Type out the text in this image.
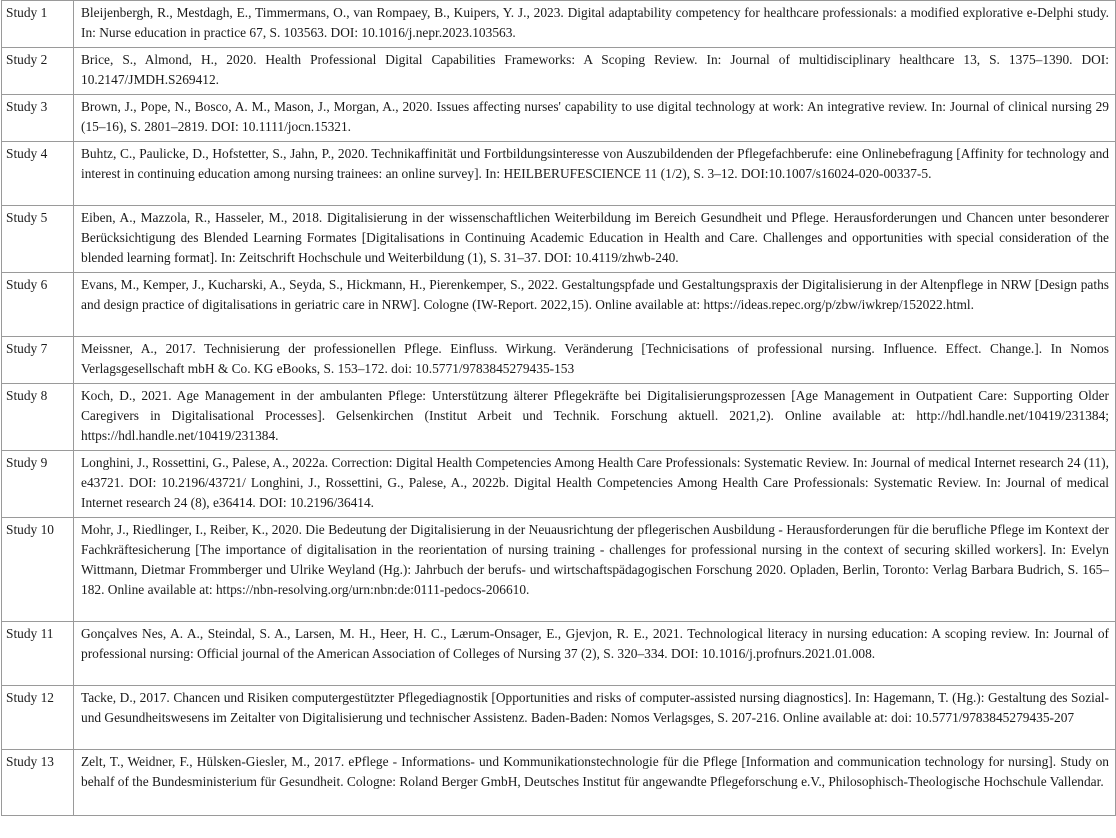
Study 1	Bleijenbergh, R., Mestdagh, E., Timmermans, O., van Rompaey, B., Kuipers, Y. J., 2023. Digital adaptability competency for healthcare professionals: a modified explorative e-Delphi study. In: Nurse education in practice 67, S. 103563. DOI: 10.1016/j.nepr.2023.103563.
Study 2	Brice, S., Almond, H., 2020. Health Professional Digital Capabilities Frameworks: A Scoping Review. In: Journal of multidisciplinary healthcare 13, S. 1375–1390. DOI: 10.2147/JMDH.S269412.
Study 3	Brown, J., Pope, N., Bosco, A. M., Mason, J., Morgan, A., 2020. Issues affecting nurses' capability to use digital technology at work: An integrative review. In: Journal of clinical nursing 29 (15–16), S. 2801–2819. DOI: 10.1111/jocn.15321.
Study 4	Buhtz, C., Paulicke, D., Hofstetter, S., Jahn, P., 2020. Technikaffinität und Fortbildungsinteresse von Auszubildenden der Pflegefachberufe: eine Onlinebefragung [Affinity for technology and interest in continuing education among nursing trainees: an online survey]. In: HEILBERUFESCIENCE 11 (1/2), S. 3–12. DOI:10.1007/s16024-020-00337-5.
Study 5	Eiben, A., Mazzola, R., Hasseler, M., 2018. Digitalisierung in der wissenschaftlichen Weiterbildung im Bereich Gesundheit und Pflege. Herausforderungen und Chancen unter besonderer Berücksichtigung des Blended Learning Formates [Digitalisations in Continuing Academic Education in Health and Care. Challenges and opportunities with special consideration of the blended learning format]. In: Zeitschrift Hochschule und Weiterbildung (1), S. 31–37. DOI: 10.4119/zhwb-240.
Study 6	Evans, M., Kemper, J., Kucharski, A., Seyda, S., Hickmann, H., Pierenkemper, S., 2022. Gestaltungspfade und Gestaltungspraxis der Digitalisierung in der Altenpflege in NRW [Design paths and design practice of digitalisations in geriatric care in NRW]. Cologne (IW-Report. 2022,15). Online available at: https://ideas.repec.org/p/zbw/iwkrep/152022.html.
Study 7	Meissner, A., 2017. Technisierung der professionellen Pflege. Einfluss. Wirkung. Veränderung [Technicisations of professional nursing. Influence. Effect. Change.]. In Nomos Verlagsgesellschaft mbH & Co. KG eBooks, S. 153–172. doi: 10.5771/9783845279435-153
Study 8	Koch, D., 2021. Age Management in der ambulanten Pflege: Unterstützung älterer Pflegekräfte bei Digitalisierungsprozessen [Age Management in Outpatient Care: Supporting Older Caregivers in Digitalisational Processes]. Gelsenkirchen (Institut Arbeit und Technik. Forschung aktuell. 2021,2). Online available at: http://hdl.handle.net/10419/231384; https://hdl.handle.net/10419/231384.
Study 9	Longhini, J., Rossettini, G., Palese, A., 2022a. Correction: Digital Health Competencies Among Health Care Professionals: Systematic Review. In: Journal of medical Internet research 24 (11), e43721. DOI: 10.2196/43721/ Longhini, J., Rossettini, G., Palese, A., 2022b. Digital Health Competencies Among Health Care Professionals: Systematic Review. In: Journal of medical Internet research 24 (8), e36414. DOI: 10.2196/36414.
Study 10	Mohr, J., Riedlinger, I., Reiber, K., 2020. Die Bedeutung der Digitalisierung in der Neuausrichtung der pflegerischen Ausbildung - Herausforderungen für die berufliche Pflege im Kontext der Fachkräftesicherung [The importance of digitalisation in the reorientation of nursing training - challenges for professional nursing in the context of securing skilled workers]. In: Evelyn Wittmann, Dietmar Frommberger und Ulrike Weyland (Hg.): Jahrbuch der berufs- und wirtschaftspädagogischen Forschung 2020. Opladen, Berlin, Toronto: Verlag Barbara Budrich, S. 165–182. Online available at: https://nbn-resolving.org/urn:nbn:de:0111-pedocs-206610.
Study 11	Gonçalves Nes, A. A., Steindal, S. A., Larsen, M. H., Heer, H. C., Lærum-Onsager, E., Gjevjon, R. E., 2021. Technological literacy in nursing education: A scoping review. In: Journal of professional nursing: Official journal of the American Association of Colleges of Nursing 37 (2), S. 320–334. DOI: 10.1016/j.profnurs.2021.01.008.
Study 12	Tacke, D., 2017. Chancen und Risiken computergestützter Pflegediagnostik [Opportunities and risks of computer-assisted nursing diagnostics]. In: Hagemann, T. (Hg.): Gestaltung des Sozial- und Gesundheitswesens im Zeitalter von Digitalisierung und technischer Assistenz. Baden-Baden: Nomos Verlagsges, S. 207-216. Online available at: doi: 10.5771/9783845279435-207
Study 13	Zelt, T., Weidner, F., Hülsken-Giesler, M., 2017. ePflege - Informations- und Kommunikationstechnologie für die Pflege [Information and communication technology for nursing]. Study on behalf of the Bundesministerium für Gesundheit. Cologne: Roland Berger GmbH, Deutsches Institut für angewandte Pflegeforschung e.V., Philosophisch-Theologische Hochschule Vallendar.
